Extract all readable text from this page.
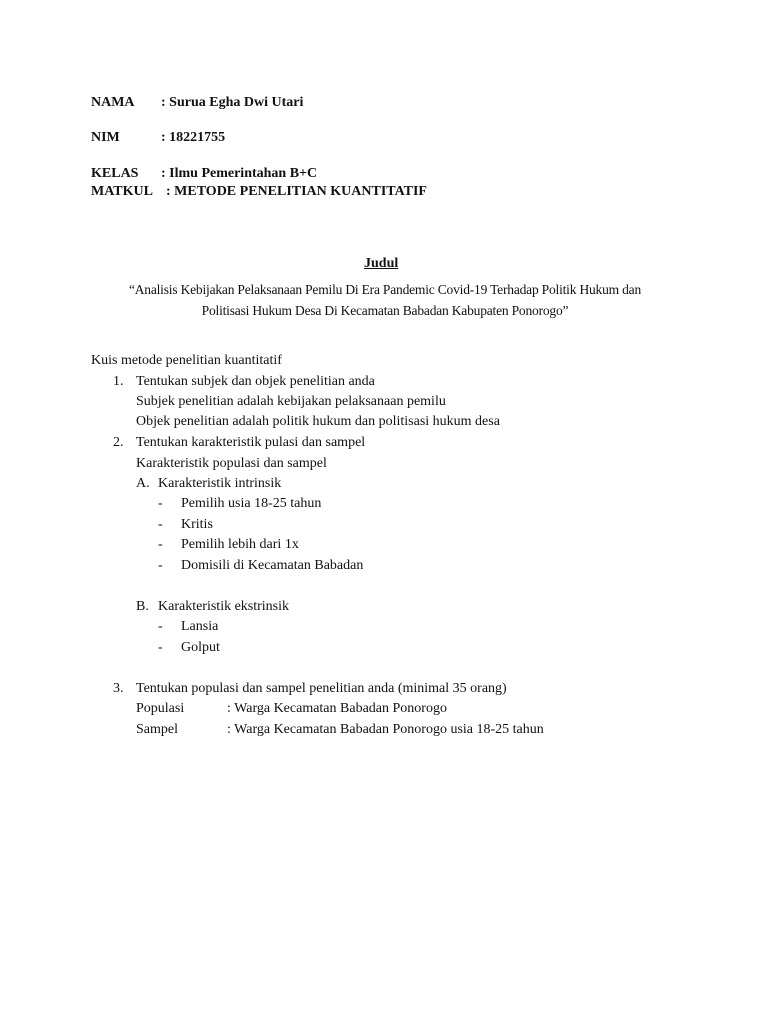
NAMA : Surua Egha Dwi Utari
NIM	: 18221755
KELAS : Ilmu Pemerintahan B+C
MATKUL : METODE PENELITIAN KUANTITATIF
Judul
“Analisis Kebijakan Pelaksanaan Pemilu Di Era Pandemic Covid-19 Terhadap Politik Hukum dan
Politisasi Hukum Desa Di Kecamatan Babadan Kabupaten Ponorogo”
Kuis metode penelitian kuantitatif
1. Tentukan subjek dan objek penelitian anda
Subjek penelitian adalah kebijakan pelaksanaan pemilu
Objek penelitian adalah politik hukum dan politisasi hukum desa
2. Tentukan karakteristik pulasi dan sampel
Karakteristik populasi dan sampel
A. Karakteristik intrinsik
- Pemilih usia 18-25 tahun
- Kritis
- Pemilih lebih dari 1x
- Domisili di Kecamatan Babadan
B. Karakteristik ekstrinsik
- Lansia
- Golput
3. Tentukan populasi dan sampel penelitian anda (minimal 35 orang)
Populasi	: Warga Kecamatan Babadan Ponorogo
Sampel	: Warga Kecamatan Babadan Ponorogo usia 18-25 tahun
